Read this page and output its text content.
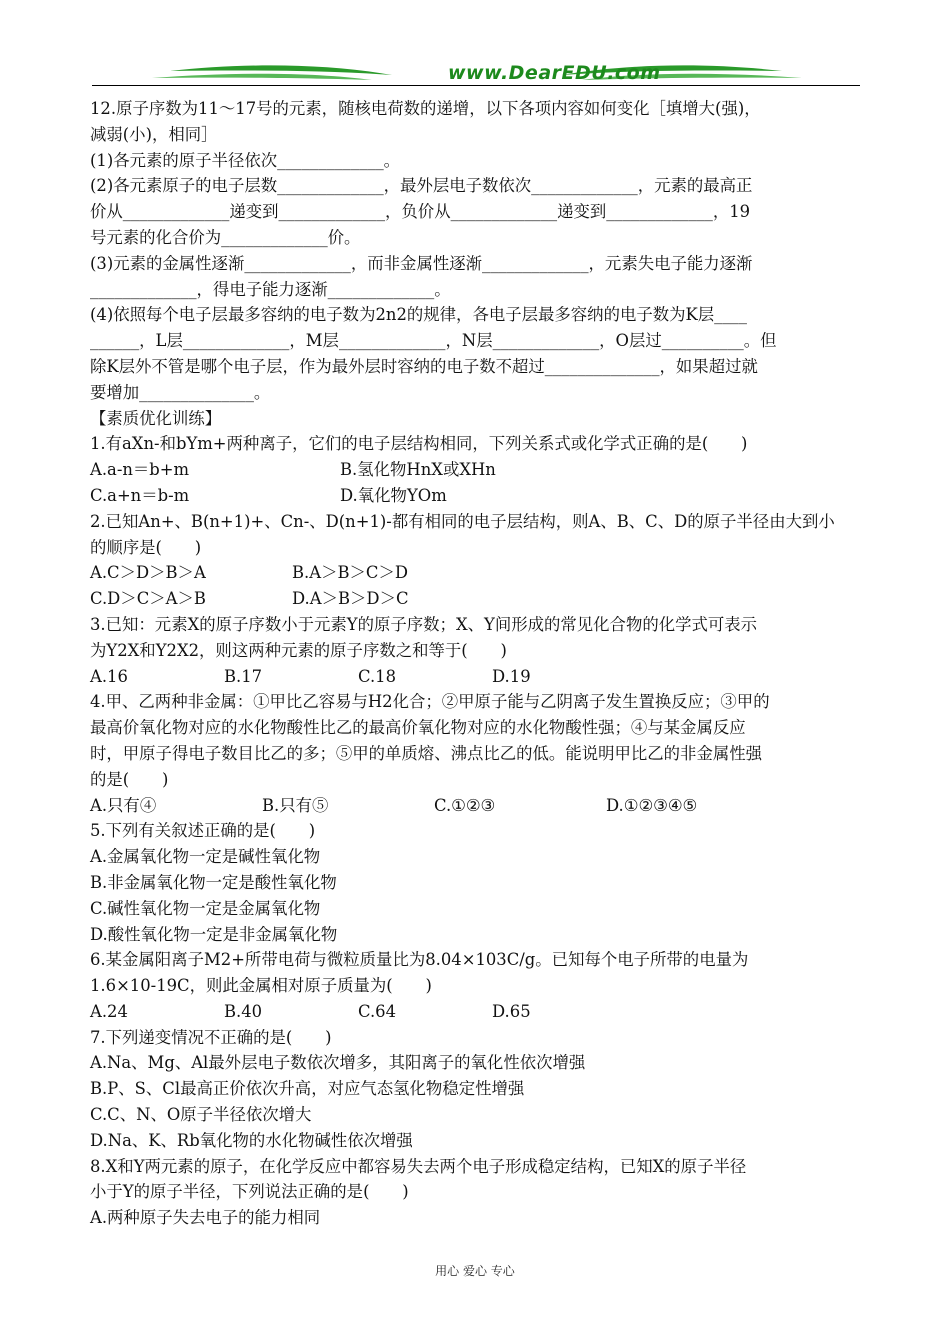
www.DearEDU.com
12.原子序数为11～17号的元素，随核电荷数的递增，以下各项内容如何变化［填增大(强)，
减弱(小)，相同］
(1)各元素的原子半径依次_____________。
(2)各元素原子的电子层数_____________，最外层电子数依次_____________，元素的最高正
价从_____________递变到_____________，负价从_____________递变到_____________，19
号元素的化合价为_____________价。
(3)元素的金属性逐渐_____________，而非金属性逐渐_____________，元素失电子能力逐渐
_____________，得电子能力逐渐_____________。
(4)依照每个电子层最多容纳的电子数为2n2的规律，各电子层最多容纳的电子数为K层____
______，L层_____________，M层_____________，N层_____________，O层过__________。但
除K层外不管是哪个电子层，作为最外层时容纳的电子数不超过______________，如果超过就
要增加______________。
【素质优化训练】
1.有aXn-和bYm+两种离子，它们的电子层结构相同，下列关系式或化学式正确的是(　　)
A.a-n＝b+m	B.氢化物HnX或XHn
C.a+n＝b-m	D.氧化物YOm
2.已知An+、B(n+1)+、Cn-、D(n+1)-都有相同的电子层结构，则A、B、C、D的原子半径由大到小
的顺序是(　　)
A.C＞D＞B＞A	B.A＞B＞C＞D
C.D＞C＞A＞B	D.A＞B＞D＞C
3.已知：元素X的原子序数小于元素Y的原子序数；X、Y间形成的常见化合物的化学式可表示
为Y2X和Y2X2，则这两种元素的原子序数之和等于(　　)
A.16	B.17	C.18	D.19
4.甲、乙两种非金属：①甲比乙容易与H2化合；②甲原子能与乙阴离子发生置换反应；③甲的
最高价氧化物对应的水化物酸性比乙的最高价氧化物对应的水化物酸性强；④与某金属反应
时，甲原子得电子数目比乙的多；⑤甲的单质熔、沸点比乙的低。能说明甲比乙的非金属性强
的是(　　)
A.只有④	B.只有⑤	C.①②③	D.①②③④⑤
5.下列有关叙述正确的是(　　)
A.金属氧化物一定是碱性氧化物
B.非金属氧化物一定是酸性氧化物
C.碱性氧化物一定是金属氧化物
D.酸性氧化物一定是非金属氧化物
6.某金属阳离子M2+所带电荷与微粒质量比为8.04×103C/g。已知每个电子所带的电量为
1.6×10-19C，则此金属相对原子质量为(　　)
A.24	B.40	C.64	D.65
7.下列递变情况不正确的是(　　)
A.Na、Mg、Al最外层电子数依次增多，其阳离子的氧化性依次增强
B.P、S、Cl最高正价依次升高，对应气态氢化物稳定性增强
C.C、N、O原子半径依次增大
D.Na、K、Rb氧化物的水化物碱性依次增强
8.X和Y两元素的原子，在化学反应中都容易失去两个电子形成稳定结构，已知X的原子半径
小于Y的原子半径，下列说法正确的是(　　)
A.两种原子失去电子的能力相同
用心 爱心 专心
